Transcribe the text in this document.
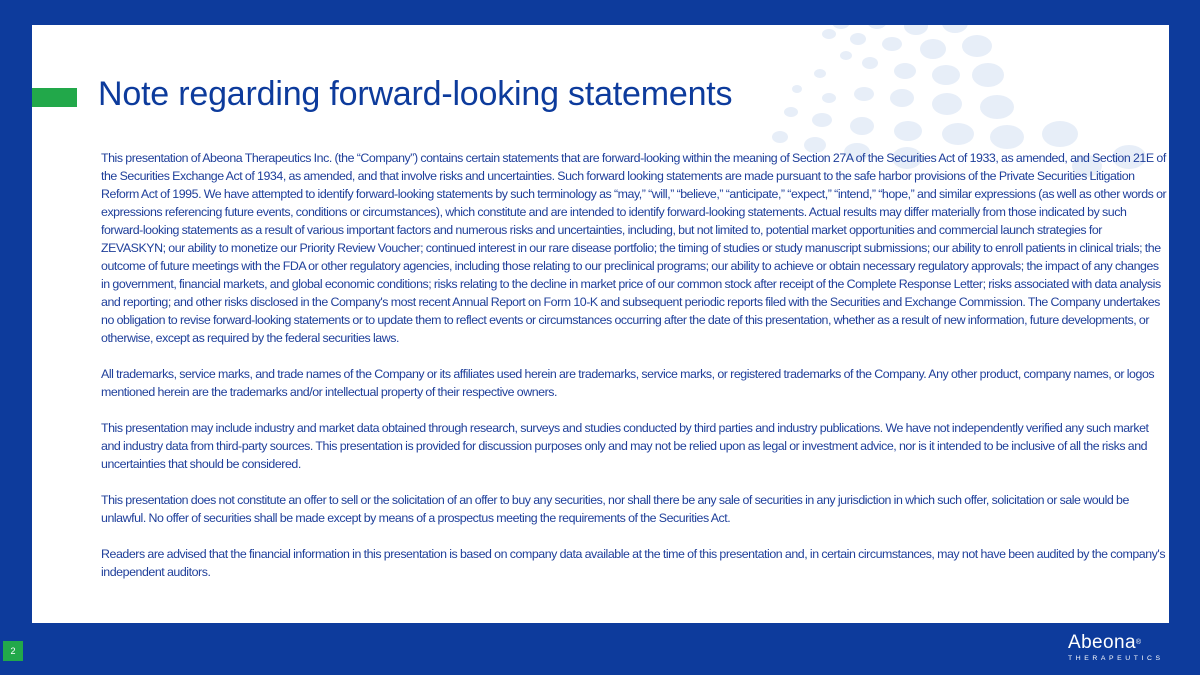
Note regarding forward-looking statements

This presentation of Abeona Therapeutics Inc. (the “Company”) contains certain statements that are forward-looking within the meaning of Section 27A of the Securities Act of 1933, as amended, and Section 21E of the Securities Exchange Act of 1934, as amended, and that involve risks and uncertainties. Such forward looking statements are made pursuant to the safe harbor provisions of the Private Securities Litigation Reform Act of 1995. We have attempted to identify forward-looking statements by such terminology as “may,” “will,” “believe,” “anticipate,” “expect,” “intend,” “hope,” and similar expressions (as well as other words or expressions referencing future events, conditions or circumstances), which constitute and are intended to identify forward-looking statements. Actual results may differ materially from those indicated by such forward-looking statements as a result of various important factors and numerous risks and uncertainties, including, but not limited to, potential market opportunities and commercial launch strategies for ZEVASKYN; our ability to monetize our Priority Review Voucher; continued interest in our rare disease portfolio; the timing of studies or study manuscript submissions; our ability to enroll patients in clinical trials; the outcome of future meetings with the FDA or other regulatory agencies, including those relating to our preclinical programs; our ability to achieve or obtain necessary regulatory approvals; the impact of any changes in government, financial markets, and global economic conditions; risks relating to the decline in market price of our common stock after receipt of the Complete Response Letter; risks associated with data analysis and reporting; and other risks disclosed in the Company's most recent Annual Report on Form 10-K and subsequent periodic reports filed with the Securities and Exchange Commission. The Company undertakes no obligation to revise forward-looking statements or to update them to reflect events or circumstances occurring after the date of this presentation, whether as a result of new information, future developments, or otherwise, except as required by the federal securities laws.

All trademarks, service marks, and trade names of the Company or its affiliates used herein are trademarks, service marks, or registered trademarks of the Company. Any other product, company names, or logos mentioned herein are the trademarks and/or intellectual property of their respective owners.

This presentation may include industry and market data obtained through research, surveys and studies conducted by third parties and industry publications. We have not independently verified any such market and industry data from third-party sources. This presentation is provided for discussion purposes only and may not be relied upon as legal or investment advice, nor is it intended to be inclusive of all the risks and uncertainties that should be considered.

This presentation does not constitute an offer to sell or the solicitation of an offer to buy any securities, nor shall there be any sale of securities in any jurisdiction in which such offer, solicitation or sale would be unlawful. No offer of securities shall be made except by means of a prospectus meeting the requirements of the Securities Act.

Readers are advised that the financial information in this presentation is based on company data available at the time of this presentation and, in certain circumstances, may not have been audited by the company's independent auditors.

2	Abeona®
THERAPEUTICS
